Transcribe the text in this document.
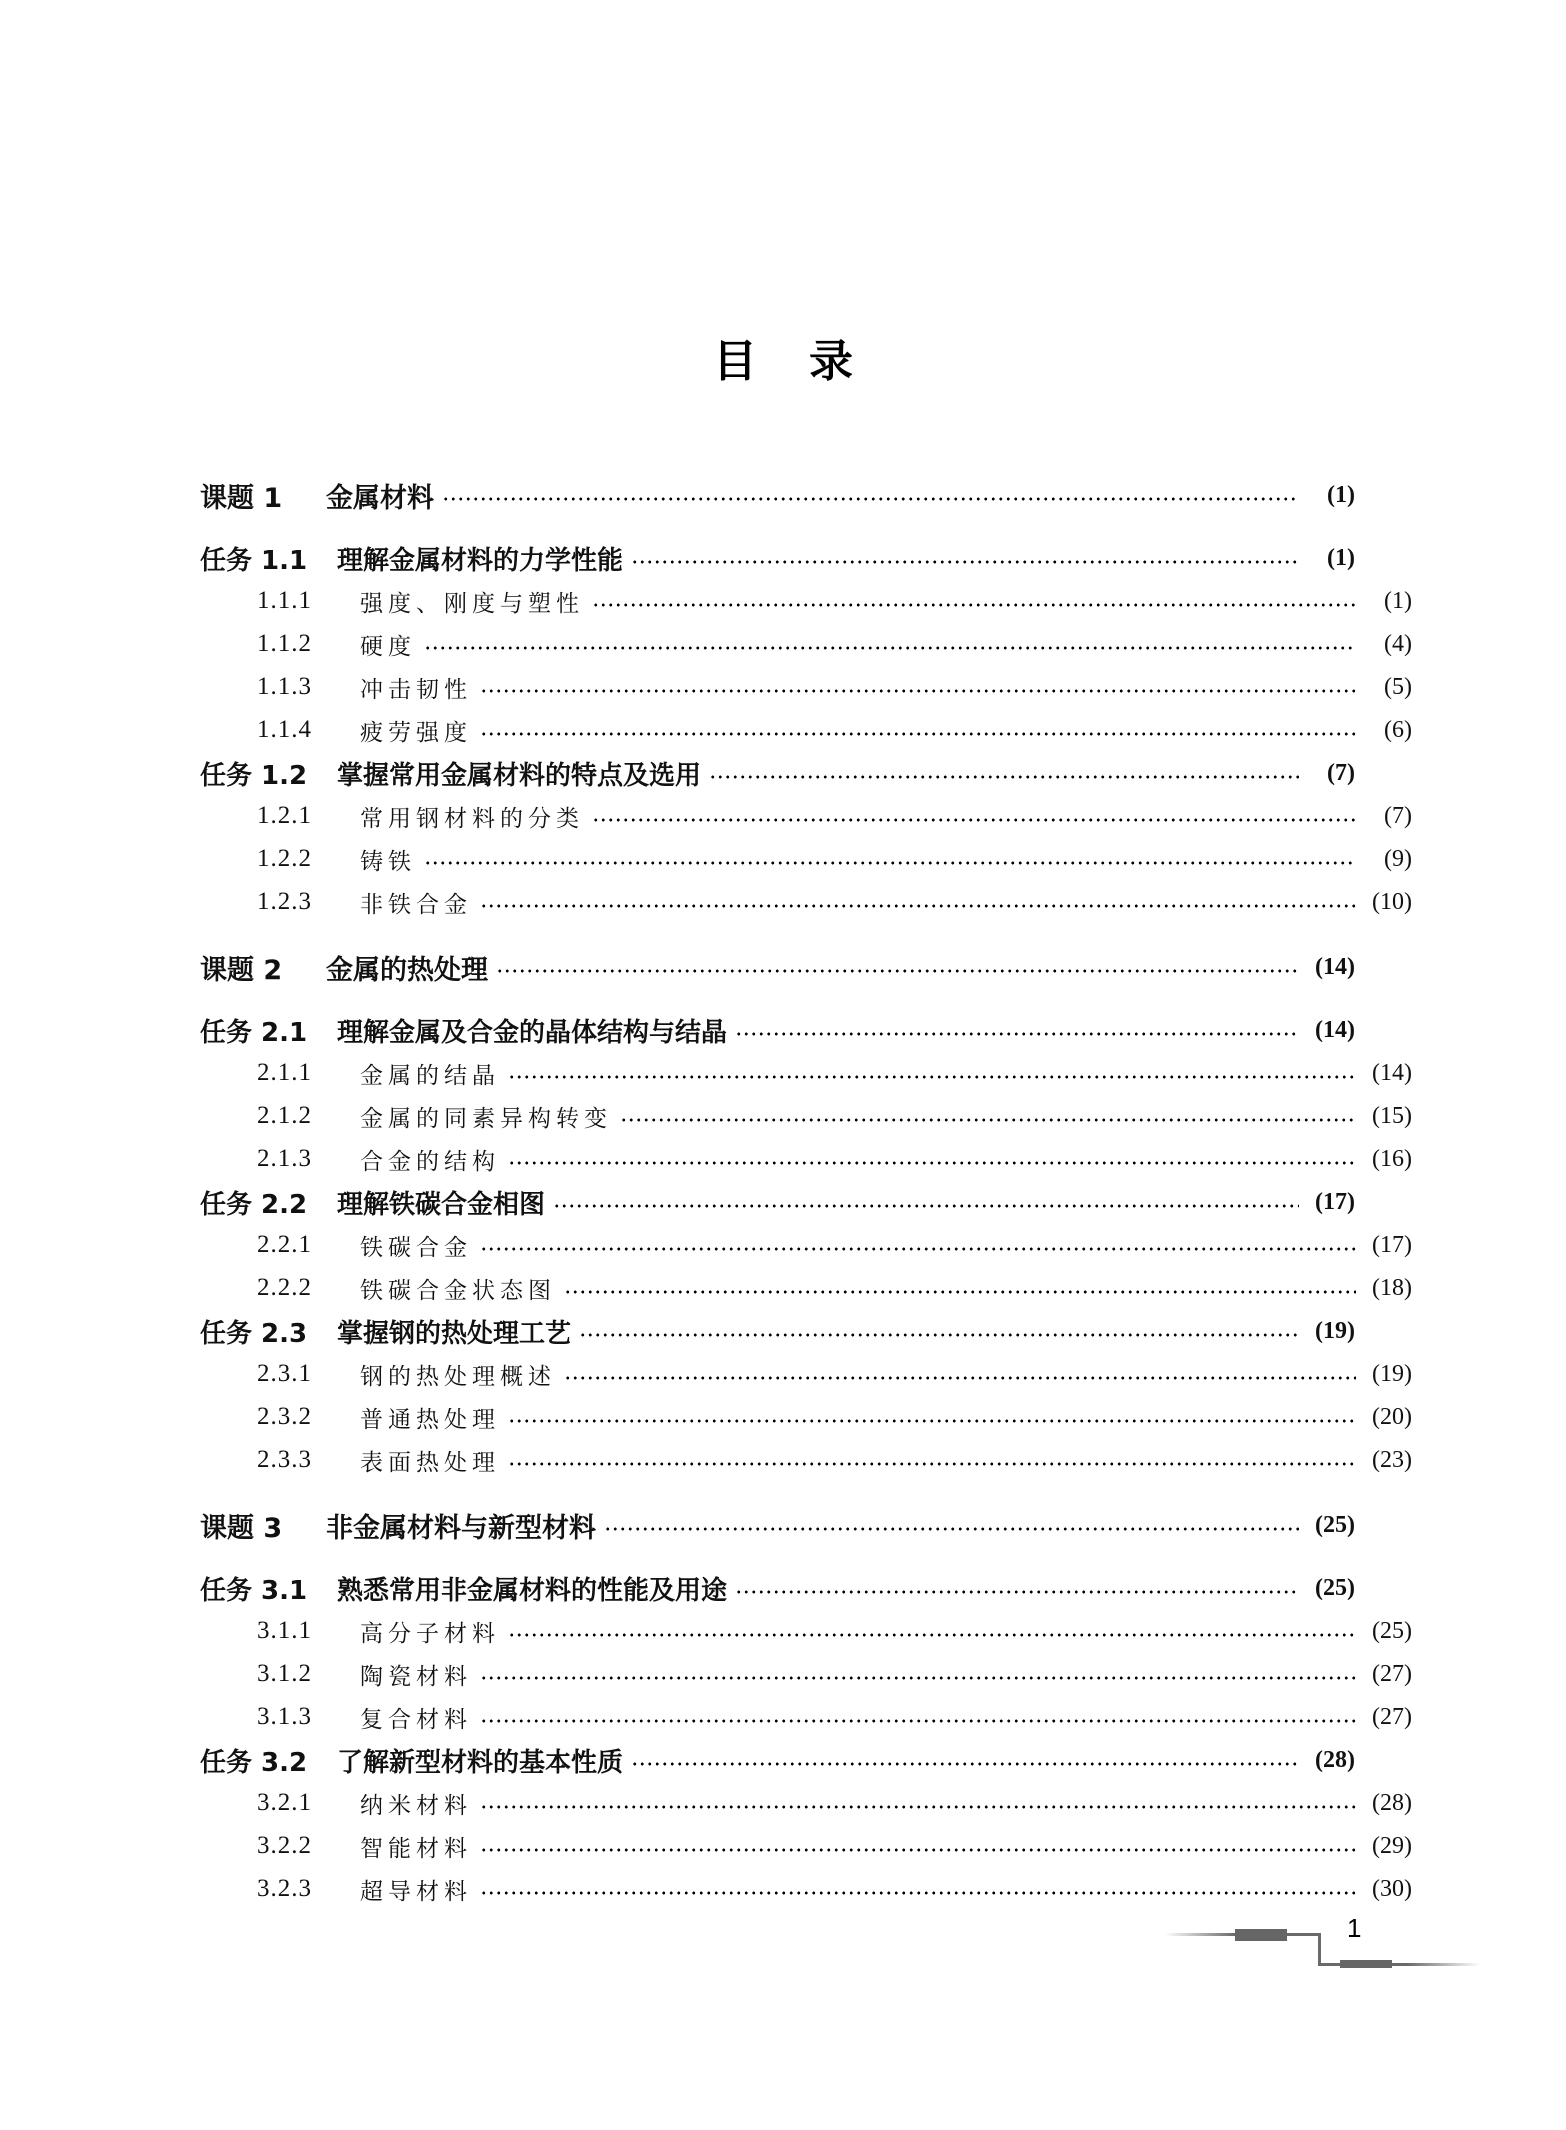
目录
课题 1	金属材料	(1)
任务 1.1	理解金属材料的力学性能	(1)
1.1.1	强度、刚度与塑性	(1)
1.1.2	硬度	(4)
1.1.3	冲击韧性	(5)
1.1.4	疲劳强度	(6)
任务 1.2	掌握常用金属材料的特点及选用	(7)
1.2.1	常用钢材料的分类	(7)
1.2.2	铸铁	(9)
1.2.3	非铁合金	(10)
课题 2	金属的热处理	(14)
任务 2.1	理解金属及合金的晶体结构与结晶	(14)
2.1.1	金属的结晶	(14)
2.1.2	金属的同素异构转变	(15)
2.1.3	合金的结构	(16)
任务 2.2	理解铁碳合金相图	(17)
2.2.1	铁碳合金	(17)
2.2.2	铁碳合金状态图	(18)
任务 2.3	掌握钢的热处理工艺	(19)
2.3.1	钢的热处理概述	(19)
2.3.2	普通热处理	(20)
2.3.3	表面热处理	(23)
课题 3	非金属材料与新型材料	(25)
任务 3.1	熟悉常用非金属材料的性能及用途	(25)
3.1.1	高分子材料	(25)
3.1.2	陶瓷材料	(27)
3.1.3	复合材料	(27)
任务 3.2	了解新型材料的基本性质	(28)
3.2.1	纳米材料	(28)
3.2.2	智能材料	(29)
3.2.3	超导材料	(30)
1
